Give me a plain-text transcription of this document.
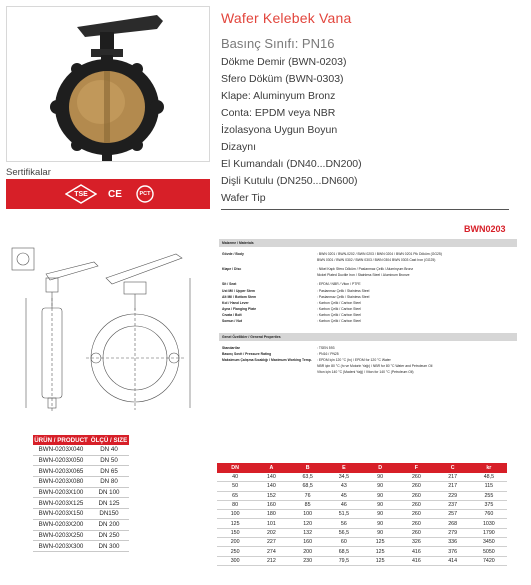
Sertifikalar
TSE	CE	PCT
Wafer Kelebek Vana
Basınç Sınıfı: PN16
Dökme Demir (BWN-0203)
Sfero Döküm (BWN-0303)
Klape: Aluminyum Bronz
Conta: EPDM veya NBR
İzolasyona Uygun Boyun
Dizaynı
El Kumandalı (DN40...DN200)
Dişli Kutulu (DN250...DN600)
Wafer Tip
BWN0203
Malzeme / Materials
Gövde / Body	: BWN 0201 / BWN-0202 / BWN 0203 / BWN 0204 / BWN 0201 Pik Döküm (GG25)
BWN 0301 / BWN 0302 / BWN 0303 / BWN 0304 BWN 0303 Cast Iron (GG25)
Klape / Disc	: Nikel Kaplı Sfero Döküm / Paslanmaz Çelik / Aluminyum Bronz
Nickel Plated Ductile Iron / Stainless Steel / Aluminum Bronze
Sit / Seat	: EPDM / NBR / Viton / PTFE
Üst Mil / Upper Stem	: Paslanmaz Çelik / Stainless Steel
Alt Mil / Bottom Stem	: Paslanmaz Çelik / Stainless Steel
Kol / Hand Lever	: Karbon Çelik / Carbon Steel
Ayna / Flanging Plate	: Karbon Çelik / Carbon Steel
Cıvata / Bolt	: Karbon Çelik / Carbon Steel
Somun / Nut	: Karbon Çelik / Carbon Steel
Genel Özellikler / General Properties
Standartlar	: TSEN 593
Basınç Sınıfı / Pressure Rating	: PN16 / PN25
Maksimum Çalışma Sıcaklığı / Maximum Working Temp.	: EPDM için 120 °C (hı) / EPDM for 120 °C Water
NBR için 80 °C (hı ve Motorin Yağı) / NBR for 80 °C Water and Petroleum Oil
Viton için 140 °C (Madeni Yağ) / Viton for 140 °C (Petroleum Oil)
ÜRÜN / PRODUCT ÖLÇÜ / SIZE
BWN-0203X040	DN 40
BWN-0203X050	DN 50
BWN-0203X065	DN 65
BWN-0203X080	DN 80
BWN-0203X100	DN 100
BWN-0203X125	DN 125
BWN-0203X150	DN150
BWN-0203X200	DN 200
BWN-0203X250	DN 250
BWN-0203X300	DN 300
DN	A	B	E	D	F	C	kr
40	140	63,5	34,5	90	260	217	48,5
50	140	68,5	43	90	260	217	115
65	152	76	45	90	260	229	255
80	160	85	46	90	260	237	375
100	180	100	51,5	90	260	257	760
125	101	120	56	90	260	268	1030
150	202	132	56,5	90	260	279	1790
200	227	160	60	125	326	336	3450
250	274	200	68,5	125	416	376	5050
300	212	230	79,5	125	416	414	7420
